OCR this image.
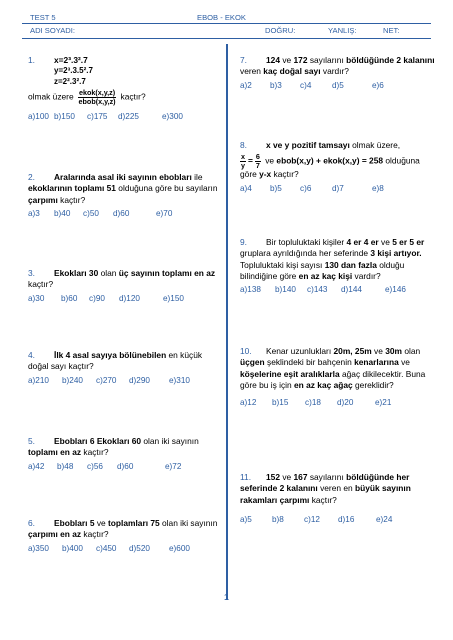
TEST 5	EBOB - EKOK
ADI SOYADI:	DOĞRU:	YANLIŞ:	NET:
1. x=2³.3².7
y=2³.3.5².7
z=2².3².7
olmak üzere $\frac{\text{ekok(x,y,z)}}{\text{ebob(x,y,z)}}$ kaçtır?
a)100 b)150	c)175	d)225	e)300
2. Aralarında asal iki sayının ebobları ile ekoklarının toplamı 51 olduğuna göre bu sayıların çarpımı kaçtır?
a)3	b)40	c)50	d)60	e)70
3. Ekokları 30 olan üç sayının toplamı en az kaçtır?
a)30	b)60	c)90	d)120	e)150
4. İlk 4 asal sayıya bölünebilen en küçük doğal sayı kaçtır?
a)210	b)240	c)270	d)290	e)310
5. Ebobları 6 Ekokları 60 olan iki sayının toplamı en az kaçtır?
a)42	b)48	c)56	d)60	e)72
6. Ebobları 5 ve toplamları 75 olan iki sayının çarpımı en az kaçtır?
a)350	b)400	c)450	d)520	e)600
7. 124 ve 172 sayılarını böldüğünde 2 kalanını veren kaç doğal sayı vardır?
a)2	b)3	c)4	d)5	e)6
8. x ve y pozitif tamsayı olmak üzere,
$\frac{x}{y} = \frac{6}{7}$ ve ebob(x,y) + ekok(x,y) = 258 olduğuna
göre y-x kaçtır?
a)4	b)5	c)6	d)7	e)8
9. Bir topluluktaki kişiler 4 er 4 er ve 5 er 5 er gruplara ayrıldığında her seferinde 3 kişi artıyor. Topluluktaki kişi sayısı 130 dan fazla olduğu bilindiğine göre en az kaç kişi vardır?
a)138	b)140	c)143	d)144	e)146
10. Kenar uzunlukları 20m, 25m ve 30m olan üçgen şeklindeki bir bahçenin kenarlarına ve köşelerine eşit aralıklarla ağaç dikilecektir. Buna göre bu iş için en az kaç ağaç gereklidir?
a)12	b)15	c)18	d)20	e)21
11. 152 ve 167 sayılarını böldüğünde her seferinde 2 kalanını veren en büyük sayının rakamları çarpımı kaçtır?
a)5	b)8	c)12	d)16	e)24
1
